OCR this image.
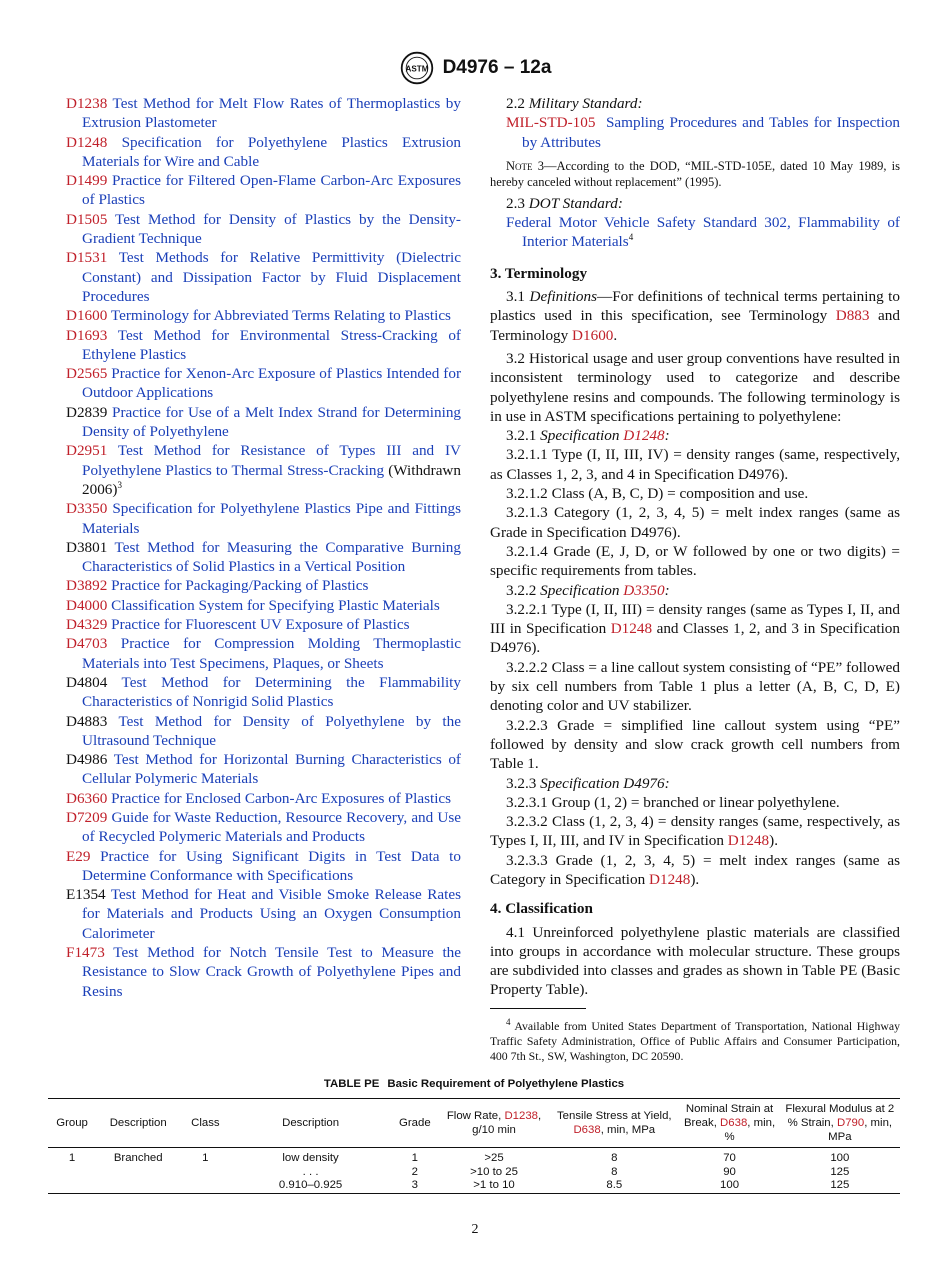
ASTM D4976 – 12a
D1238 Test Method for Melt Flow Rates of Thermoplastics by Extrusion Plastometer
D1248 Specification for Polyethylene Plastics Extrusion Materials for Wire and Cable
D1499 Practice for Filtered Open-Flame Carbon-Arc Exposures of Plastics
D1505 Test Method for Density of Plastics by the Density-Gradient Technique
D1531 Test Methods for Relative Permittivity (Dielectric Constant) and Dissipation Factor by Fluid Displacement Procedures
D1600 Terminology for Abbreviated Terms Relating to Plastics
D1693 Test Method for Environmental Stress-Cracking of Ethylene Plastics
D2565 Practice for Xenon-Arc Exposure of Plastics Intended for Outdoor Applications
D2839 Practice for Use of a Melt Index Strand for Determining Density of Polyethylene
D2951 Test Method for Resistance of Types III and IV Polyethylene Plastics to Thermal Stress-Cracking (Withdrawn 2006)$^3$
D3350 Specification for Polyethylene Plastics Pipe and Fittings Materials
D3801 Test Method for Measuring the Comparative Burning Characteristics of Solid Plastics in a Vertical Position
D3892 Practice for Packaging/Packing of Plastics
D4000 Classification System for Specifying Plastic Materials
D4329 Practice for Fluorescent UV Exposure of Plastics
D4703 Practice for Compression Molding Thermoplastic Materials into Test Specimens, Plaques, or Sheets
D4804 Test Method for Determining the Flammability Characteristics of Nonrigid Solid Plastics
D4883 Test Method for Density of Polyethylene by the Ultrasound Technique
D4986 Test Method for Horizontal Burning Characteristics of Cellular Polymeric Materials
D6360 Practice for Enclosed Carbon-Arc Exposures of Plastics
D7209 Guide for Waste Reduction, Resource Recovery, and Use of Recycled Polymeric Materials and Products
E29 Practice for Using Significant Digits in Test Data to Determine Conformance with Specifications
E1354 Test Method for Heat and Visible Smoke Release Rates for Materials and Products Using an Oxygen Consumption Calorimeter
F1473 Test Method for Notch Tensile Test to Measure the Resistance to Slow Crack Growth of Polyethylene Pipes and Resins
2.2 Military Standard:
MIL-STD-105 Sampling Procedures and Tables for Inspection by Attributes
Note 3—According to the DOD, “MIL-STD-105E, dated 10 May 1989, is hereby canceled without replacement” (1995).
2.3 DOT Standard:
Federal Motor Vehicle Safety Standard 302, Flammability of Interior Materials$^4$
3. Terminology
3.1 Definitions—For definitions of technical terms pertaining to plastics used in this specification, see Terminology D883 and Terminology D1600.
3.2 Historical usage and user group conventions have resulted in inconsistent terminology used to categorize and describe polyethylene resins and compounds. The following terminology is in use in ASTM specifications pertaining to polyethylene:
3.2.1 Specification D1248:
3.2.1.1 Type (I, II, III, IV) = density ranges (same, respectively, as Classes 1, 2, 3, and 4 in Specification D4976).
3.2.1.2 Class (A, B, C, D) = composition and use.
3.2.1.3 Category (1, 2, 3, 4, 5) = melt index ranges (same as Grade in Specification D4976).
3.2.1.4 Grade (E, J, D, or W followed by one or two digits) = specific requirements from tables.
3.2.2 Specification D3350:
3.2.2.1 Type (I, II, III) = density ranges (same as Types I, II, and III in Specification D1248 and Classes 1, 2, and 3 in Specification D4976).
3.2.2.2 Class = a line callout system consisting of “PE” followed by six cell numbers from Table 1 plus a letter (A, B, C, D, E) denoting color and UV stabilizer.
3.2.2.3 Grade = simplified line callout system using “PE” followed by density and slow crack growth cell numbers from Table 1.
3.2.3 Specification D4976:
3.2.3.1 Group (1, 2) = branched or linear polyethylene.
3.2.3.2 Class (1, 2, 3, 4) = density ranges (same, respectively, as Types I, II, III, and IV in Specification D1248).
3.2.3.3 Grade (1, 2, 3, 4, 5) = melt index ranges (same as Category in Specification D1248).
4. Classification
4.1 Unreinforced polyethylene plastic materials are classified into groups in accordance with molecular structure. These groups are subdivided into classes and grades as shown in Table PE (Basic Property Table).
$^4$ Available from United States Department of Transportation, National Highway Traffic Safety Administration, Office of Public Affairs and Consumer Participation, 400 7th St., SW, Washington, DC 20590.
TABLE PE Basic Requirement of Polyethylene Plastics
Group	Description	Class	Description	Grade	Flow Rate, D1238, g/10 min	Tensile Stress at Yield, D638, min, MPa	Nominal Strain at Break, D638, min, %	Flexural Modulus at 2 % Strain, D790, min, MPa
1	Branched	1	low density	1	>25	8	70	100
			. . .	2	>10 to 25	8	90	125
			0.910–0.925	3	>1 to 10	8.5	100	125
2
